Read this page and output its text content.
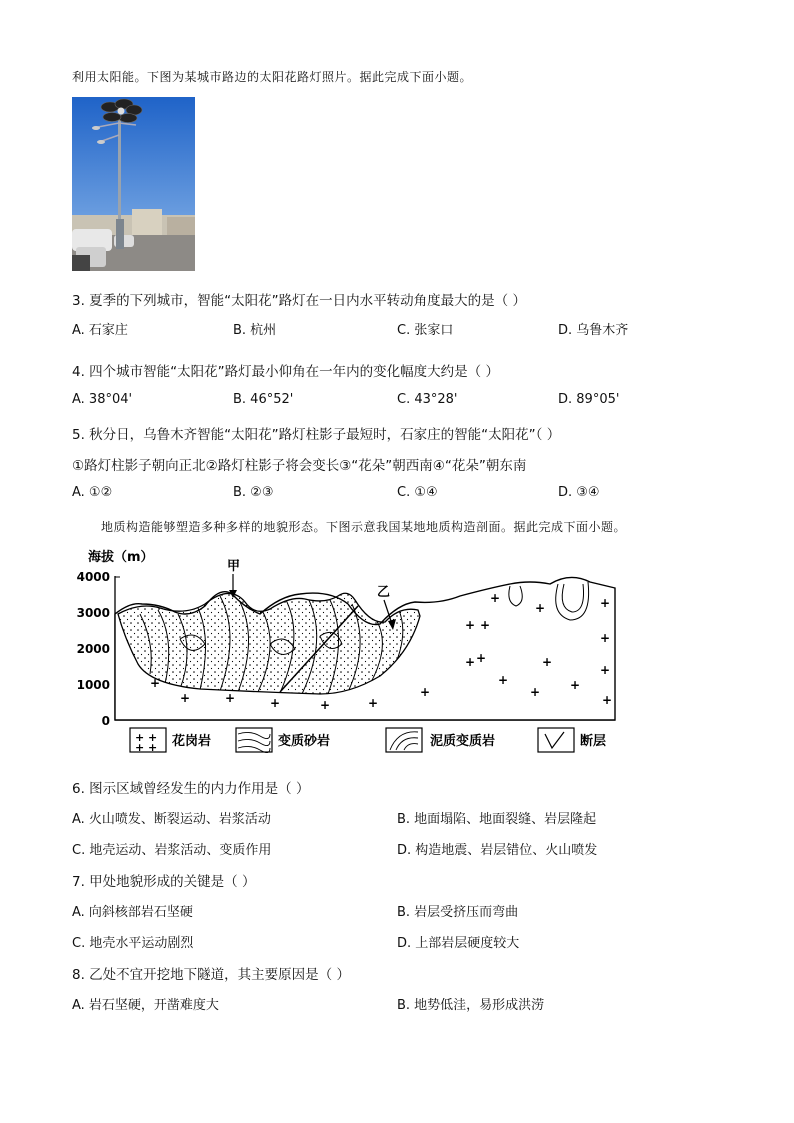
利用太阳能。下图为某城市路边的太阳花路灯照片。据此完成下面小题。
3. 夏季的下列城市，智能“太阳花”路灯在一日内水平转动角度最大的是（ ）
A. 石家庄	B. 杭州	C. 张家口	D. 乌鲁木齐
4. 四个城市智能“太阳花”路灯最小仰角在一年内的变化幅度大约是（ ）
A. 38°04'	B. 46°52'	C. 43°28'	D. 89°05'
5. 秋分日，乌鲁木齐智能“太阳花”路灯柱影子最短时，石家庄的智能“太阳花”（ ）
①路灯柱影子朝向正北②路灯柱影子将会变长③“花朵”朝西南④“花朵”朝东南
A. ①②	B. ②③	C. ①④	D. ③④
地质构造能够塑造多种多样的地貌形态。下图示意我国某地地质构造剖面。据此完成下面小题。
海拔（m）
4000
3000
2000
1000
0
+
+	+	+	+	+
+
+ +
+
+ +
+
+
+
+
+
+
+
+
+
甲
乙
+ +
+ + 花岗岩	变质砂岩	泥质变质岩	断层
6. 图示区域曾经发生的内力作用是（ ）
A. 火山喷发、断裂运动、岩浆活动	B. 地面塌陷、地面裂缝、岩层隆起
C. 地壳运动、岩浆活动、变质作用	D. 构造地震、岩层错位、火山喷发
7. 甲处地貌形成的关键是（ ）
A. 向斜核部岩石坚硬	B. 岩层受挤压而弯曲
C. 地壳水平运动剧烈	D. 上部岩层硬度较大
8. 乙处不宜开挖地下隧道，其主要原因是（ ）
A. 岩石坚硬，开凿难度大	B. 地势低洼，易形成洪涝
